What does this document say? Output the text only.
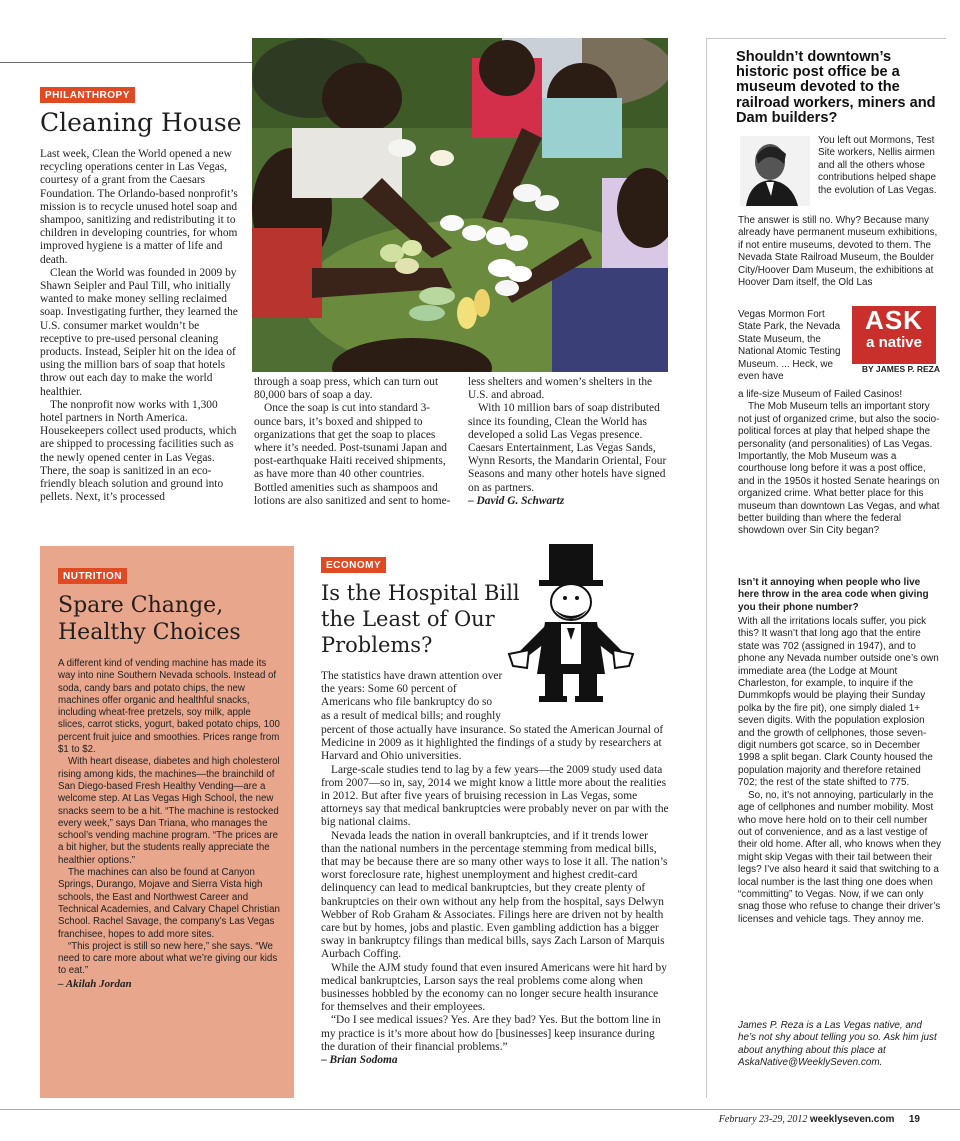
PHILANTHROPY
Cleaning House

Last week, Clean the World opened a new recycling operations center in Las Vegas, courtesy of a grant from the Caesars Foundation. The Orlando-based nonprofit’s mission is to recycle unused hotel soap and shampoo, sanitizing and redistributing it to children in developing countries, for whom improved hygiene is a matter of life and death.

Clean the World was founded in 2009 by Shawn Seipler and Paul Till, who initially wanted to make money selling reclaimed soap. Investigating further, they learned the U.S. consumer market wouldn’t be receptive to pre-used personal cleaning products. Instead, Seipler hit on the idea of using the million bars of soap that hotels throw out each day to make the world healthier.

The nonprofit now works with 1,300 hotel partners in North America. Housekeepers collect used products, which are shipped to processing facilities such as the newly opened center in Las Vegas. There, the soap is sanitized in an eco-friendly bleach solution and ground into pellets. Next, it’s processed

through a soap press, which can turn out 80,000 bars of soap a day.

Once the soap is cut into standard 3-ounce bars, it’s boxed and shipped to organizations that get the soap to places where it’s needed. Post-tsunami Japan and post-earthquake Haiti received shipments, as have more than 40 other countries. Bottled amenities such as shampoos and lotions are also sanitized and sent to home-

less shelters and women’s shelters in the U.S. and abroad.

With 10 million bars of soap distributed since its founding, Clean the World has developed a solid Las Vegas presence. Caesars Entertainment, Las Vegas Sands, Wynn Resorts, the Mandarin Oriental, Four Seasons and many other hotels have signed on as partners.

– David G. Schwartz

NUTRITION
Spare Change,
Healthy Choices

A different kind of vending machine has made its way into nine Southern Nevada schools. Instead of soda, candy bars and potato chips, the new machines offer organic and healthful snacks, including wheat-free pretzels, soy milk, apple slices, carrot sticks, yogurt, baked potato chips, 100 percent fruit juice and smoothies. Prices range from $1 to $2.

With heart disease, diabetes and high cholesterol rising among kids, the machines—the brainchild of San Diego-based Fresh Healthy Vending—are a welcome step. At Las Vegas High School, the new snacks seem to be a hit. “The machine is restocked every week,” says Dan Triana, who manages the school’s vending machine program. “The prices are a bit higher, but the students really appreciate the healthier options.”

The machines can also be found at Canyon Springs, Durango, Mojave and Sierra Vista high schools, the East and Northwest Career and Technical Academies, and Calvary Chapel Christian School. Rachel Savage, the company’s Las Vegas franchisee, hopes to add more sites.

“This project is still so new here,” she says. “We need to care more about what we’re giving our kids to eat.”

– Akilah Jordan

ECONOMY
Is the Hospital Bill
the Least of Our
Problems?

The statistics have drawn attention over the years: Some 60 percent of Americans who file bankruptcy do so as a result of medical bills; and roughly

percent of those actually have insurance. So stated the American Journal of Medicine in 2009 as it highlighted the findings of a study by researchers at Harvard and Ohio universities.

Large-scale studies tend to lag by a few years—the 2009 study used data from 2007—so in, say, 2014 we might know a little more about the realities in 2012. But after five years of bruising recession in Las Vegas, some attorneys say that medical bankruptcies were probably never on par with the big national claims.

Nevada leads the nation in overall bankruptcies, and if it trends lower than the national numbers in the percentage stemming from medical bills, that may be because there are so many other ways to lose it all. The nation’s worst foreclosure rate, highest unemployment and highest credit-card delinquency can lead to medical bankruptcies, but they create plenty of bankruptcies on their own without any help from the hospital, says Delwyn Webber of Rob Graham & Associates. Filings here are driven not by health care but by homes, jobs and plastic. Even gambling addiction has a bigger sway in bankruptcy filings than medical bills, says Zach Larson of Marquis Aurbach Coffing.

While the AJM study found that even insured Americans were hit hard by medical bankruptcies, Larson says the real problems come along when businesses hobbled by the economy can no longer secure health insurance for themselves and their employees.

“Do I see medical issues? Yes. Are they bad? Yes. But the bottom line in my practice is it’s more about how do [businesses] keep insurance during the duration of their financial problems.”

– Brian Sodoma

Shouldn’t downtown’s historic post office be a museum devoted to the railroad workers, miners and Dam builders?

You left out Mormons, Test Site workers, Nellis airmen and all the others whose contributions helped shape the evolution of Las Vegas.

The answer is still no. Why? Because many already have permanent museum exhibitions, if not entire museums, devoted to them. The Nevada State Railroad Museum, the Boulder City/Hoover Dam Museum, the exhibitions at Hoover Dam itself, the Old Las

Vegas Mormon Fort State Park, the Nevada State Museum, the National Atomic Testing Museum. ... Heck, we even have

ASK
a native
BY JAMES P. REZA

a life-size Museum of Failed Casinos!

The Mob Museum tells an important story not just of organized crime, but also the socio-political forces at play that helped shape the personality (and personalities) of Las Vegas. Importantly, the Mob Museum was a courthouse long before it was a post office, and in the 1950s it hosted Senate hearings on organized crime. What better place for this museum than downtown Las Vegas, and what better building than where the federal showdown over Sin City began?

Isn’t it annoying when people who live here throw in the area code when giving you their phone number?

With all the irritations locals suffer, you pick this? It wasn’t that long ago that the entire state was 702 (assigned in 1947), and to phone any Nevada number outside one’s own immediate area (the Lodge at Mount Charleston, for example, to inquire if the Dummkopfs would be playing their Sunday polka by the fire pit), one simply dialed 1+ seven digits. With the population explosion and the growth of cellphones, those seven-digit numbers got scarce, so in December 1998 a split began. Clark County housed the population majority and therefore retained 702; the rest of the state shifted to 775.

So, no, it’s not annoying, particularly in the age of cellphones and number mobility. Most who move here hold on to their cell number out of convenience, and as a last vestige of their old home. After all, who knows when they might skip Vegas with their tail between their legs? I’ve also heard it said that switching to a local number is the last thing one does when “committing” to Vegas. Now, if we can only snag those who refuse to change their driver’s licenses and vehicle tags. They annoy me.

James P. Reza is a Las Vegas native, and he’s not shy about telling you so. Ask him just about anything about this place at AskaNative@WeeklySeven.com.
February 23-29, 2012 weeklyseven.com 19
